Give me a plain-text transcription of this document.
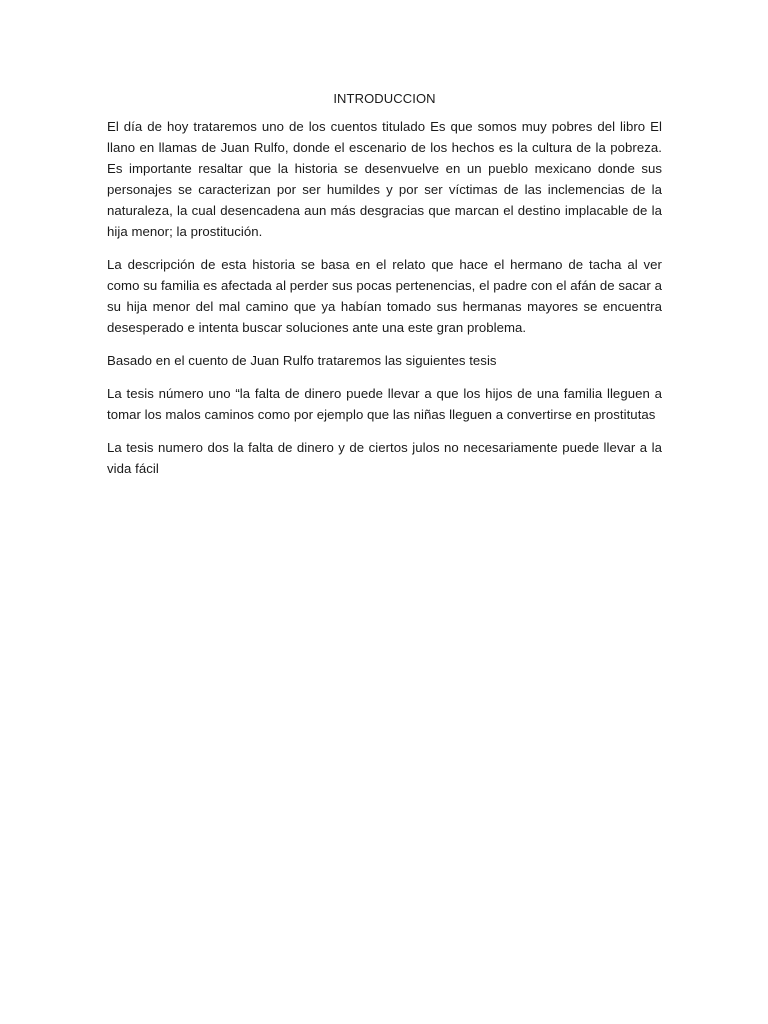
INTRODUCCION

El día de hoy trataremos uno de los cuentos titulado Es que somos muy pobres del libro El llano en llamas de Juan Rulfo, donde el escenario de los hechos es la cultura de la pobreza. Es importante resaltar que la historia se desenvuelve en un pueblo mexicano donde sus personajes se caracterizan por ser humildes y por ser víctimas de las inclemencias de la naturaleza, la cual desencadena aun más desgracias que marcan el destino implacable de la hija menor; la prostitución.

La descripción de esta historia se basa en el relato que hace el hermano de tacha al ver como su familia es afectada al perder sus pocas pertenencias, el padre con el afán de sacar a su hija menor del mal camino que ya habían tomado sus hermanas mayores se encuentra desesperado e intenta buscar soluciones ante una este gran problema.

Basado en el cuento de Juan Rulfo trataremos las siguientes tesis

La tesis número uno “la falta de dinero puede llevar a que los hijos de una familia lleguen a tomar los malos caminos como por ejemplo que las niñas lleguen a convertirse en prostitutas

La tesis numero dos la falta de dinero y de ciertos julos no necesariamente puede llevar a la vida fácil
